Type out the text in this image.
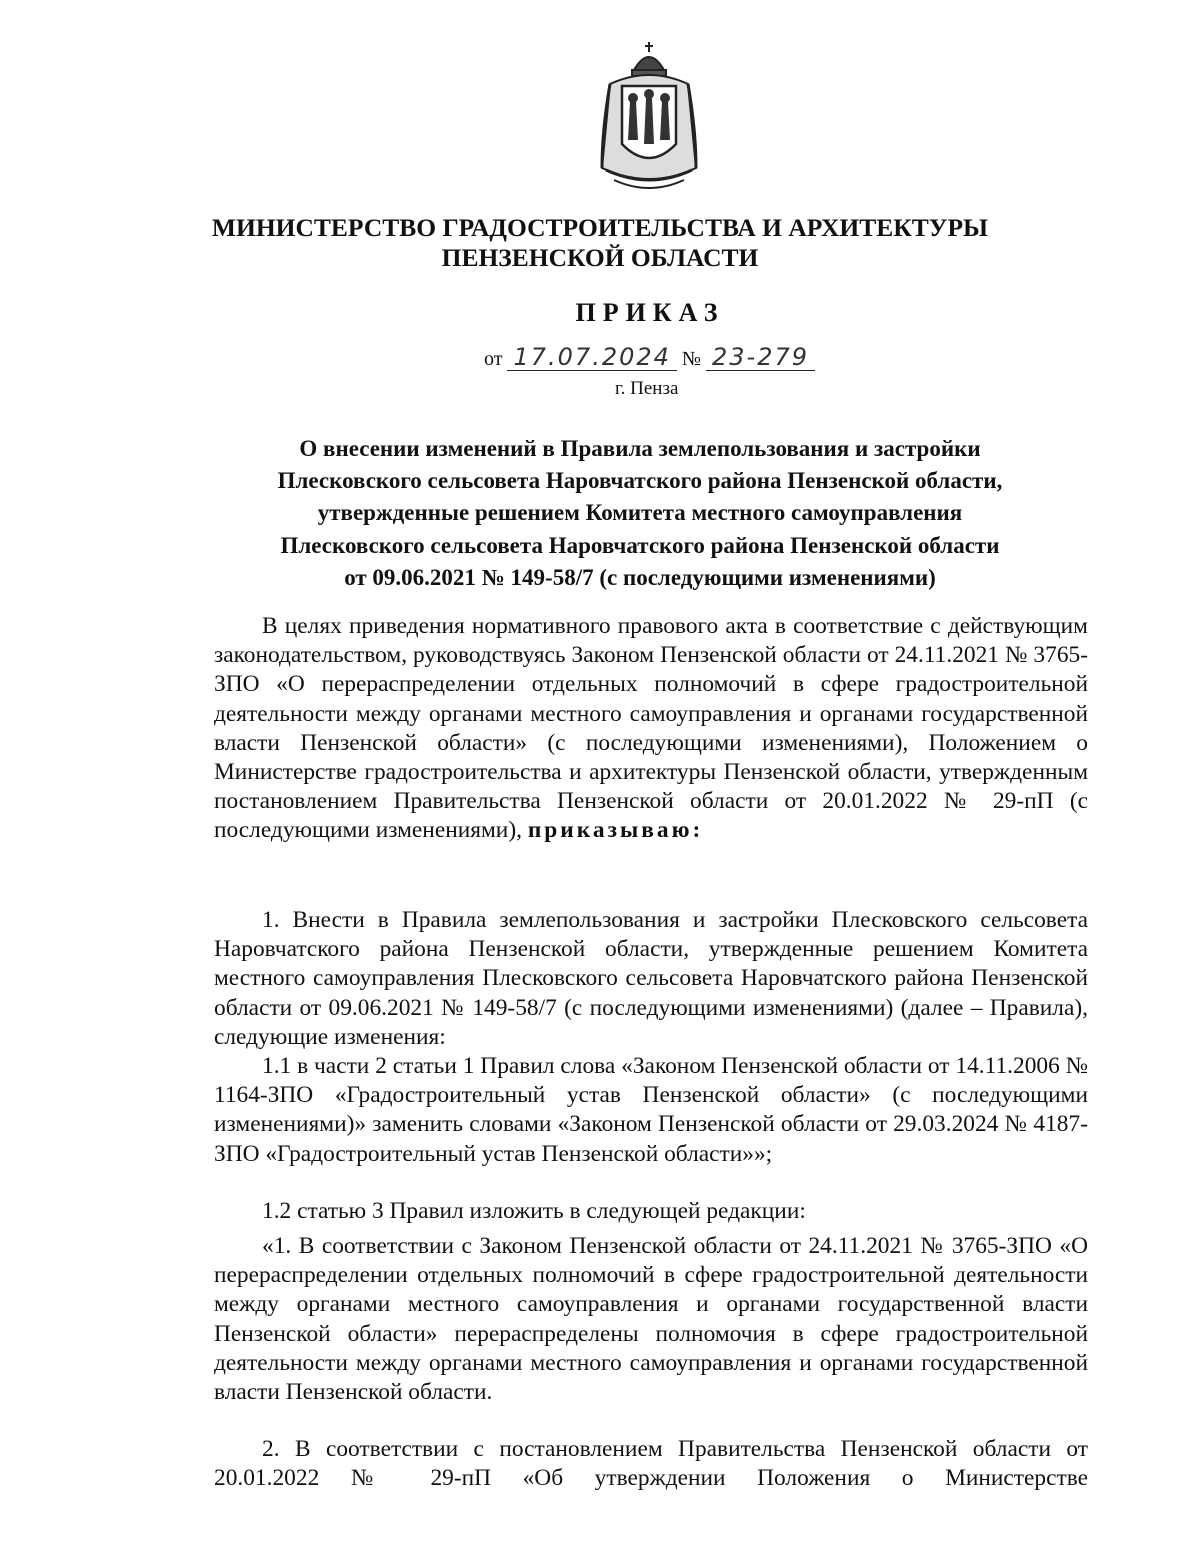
МИНИСТЕРСТВО ГРАДОСТРОИТЕЛЬСТВА И АРХИТЕКТУРЫ
ПЕНЗЕНСКОЙ ОБЛАСТИ
ПРИКАЗ
от 17.07.2024 № 23-279
г. Пенза
О внесении изменений в Правила землепользования и застройки
Плесковского сельсовета Наровчатского района Пензенской области,
утвержденные решением Комитета местного самоуправления
Плесковского сельсовета Наровчатского района Пензенской области
от 09.06.2021 № 149-58/7 (с последующими изменениями)
В целях приведения нормативного правового акта в соответствие с действующим законодательством, руководствуясь Законом Пензенской области от 24.11.2021 № 3765-ЗПО «О перераспределении отдельных полномочий в сфере градостроительной деятельности между органами местного самоуправления и органами государственной власти Пензенской области» (с последующими изменениями), Положением о Министерстве градостроительства и архитектуры Пензенской области, утвержденным постановлением Правительства Пензенской области от 20.01.2022 № 29-пП (с последующими изменениями), приказываю:
1. Внести в Правила землепользования и застройки Плесковского сельсовета Наровчатского района Пензенской области, утвержденные решением Комитета местного самоуправления Плесковского сельсовета Наровчатского района Пензенской области от 09.06.2021 № 149-58/7 (с последующими изменениями) (далее – Правила), следующие изменения:
1.1 в части 2 статьи 1 Правил слова «Законом Пензенской области от 14.11.2006 № 1164-ЗПО «Градостроительный устав Пензенской области» (с последующими изменениями)» заменить словами «Законом Пензенской области от 29.03.2024 № 4187-ЗПО «Градостроительный устав Пензенской области»»;
1.2 статью 3 Правил изложить в следующей редакции:
«1. В соответствии с Законом Пензенской области от 24.11.2021 № 3765-ЗПО «О перераспределении отдельных полномочий в сфере градостроительной деятельности между органами местного самоуправления и органами государственной власти Пензенской области» перераспределены полномочия в сфере градостроительной деятельности между органами местного самоуправления и органами государственной власти Пензенской области.
2. В соответствии с постановлением Правительства Пензенской области от 20.01.2022 № 29-пП «Об утверждении Положения о Министерстве
